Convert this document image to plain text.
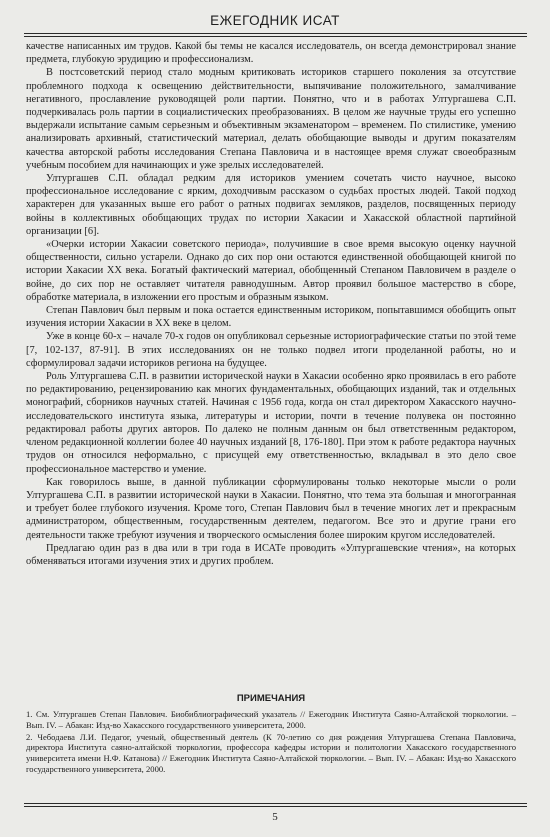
ЕЖЕГОДНИК ИСАТ

качестве написанных им трудов. Какой бы темы не касался исследователь, он всегда демонстрировал знание предмета, глубокую эрудицию и профессионализм.

В постсоветский период стало модным критиковать историков старшего поколения за отсутствие проблемного подхода к освещению действительности, выпячивание положительного, замалчивание негативного, прославление руководящей роли партии. Понятно, что и в работах Ултургашева С.П. подчеркивалась роль партии в социалистических преобразованиях. В целом же научные труды его успешно выдержали испытание самым серьезным и объективным экзаменатором – временем. По стилистике, умению анализировать архивный, статистический материал, делать обобщающие выводы и другим показателям качества авторской работы исследования Степана Павловича и в настоящее время служат своеобразным учебным пособием для начинающих и уже зрелых исследователей.

Ултургашев С.П. обладал редким для историков умением сочетать чисто научное, высоко профессиональное исследование с ярким, доходчивым рассказом о судьбах простых людей. Такой подход характерен для указанных выше его работ о ратных подвигах земляков, разделов, посвященных периоду войны в коллективных обобщающих трудах по истории Хакасии и Хакасской областной партийной организации [6].

«Очерки истории Хакасии советского периода», получившие в свое время высокую оценку научной общественности, сильно устарели. Однако до сих пор они остаются единственной обобщающей книгой по истории Хакасии ХХ века. Богатый фактический материал, обобщенный Степаном Павловичем в разделе о войне, до сих пор не оставляет читателя равнодушным. Автор проявил большое мастерство в сборе, обработке материала, в изложении его простым и образным языком.

Степан Павлович был первым и пока остается единственным историком, попытавшимся обобщить опыт изучения истории Хакасии в ХХ веке в целом.

Уже в конце 60-х – начале 70-х годов он опубликовал серьезные историографические статьи по этой теме [7, 102-137, 87-91]. В этих исследованиях он не только подвел итоги проделанной работы, но и сформулировал задачи историков региона на будущее.

Роль Ултургашева С.П. в развитии исторической науки в Хакасии особенно ярко проявилась в его работе по редактированию, рецензированию как многих фундаментальных, обобщающих изданий, так и отдельных монографий, сборников научных статей. Начиная с 1956 года, когда он стал директором Хакасского научно-исследовательского института языка, литературы и истории, почти в течение полувека он постоянно редактировал работы других авторов. По далеко не полным данным он был ответственным редактором, членом редакционной коллегии более 40 научных изданий [8, 176-180]. При этом к работе редактора научных трудов он относился неформально, с присущей ему ответственностью, вкладывал в это дело свое профессиональное мастерство и умение.

Как говорилось выше, в данной публикации сформулированы только некоторые мысли о роли Ултургашева С.П. в развитии исторической науки в Хакасии. Понятно, что тема эта большая и многогранная и требует более глубокого изучения. Кроме того, Степан Павлович был в течение многих лет и прекрасным администратором, общественным, государственным деятелем, педагогом. Все это и другие грани его деятельности также требуют изучения и творческого осмысления более широким кругом исследователей.

Предлагаю один раз в два или в три года в ИСАТе проводить «Ултургашевские чтения», на которых обменяваться итогами изучения этих и других проблем.

ПРИМЕЧАНИЯ
1. См. Ултургашев Степан Павлович. Биобиблиографический указатель // Ежегодник Института Саяно-Алтайской тюркологии. – Вып. IV. – Абакан: Изд-во Хакасского государственного университета, 2000.
2. Чебодаева Л.И. Педагог, ученый, общественный деятель (К 70-летию со дня рождения Ултургашева Степана Павловича, директора Института саяно-алтайской тюркологии, профессора кафедры истории и политологии Хакасского государственного университета имени Н.Ф. Катанова) // Ежегодник Института Саяно-Алтайской тюркологии. – Вып. IV. – Абакан: Изд-во Хакасского государственного университета, 2000.
5
